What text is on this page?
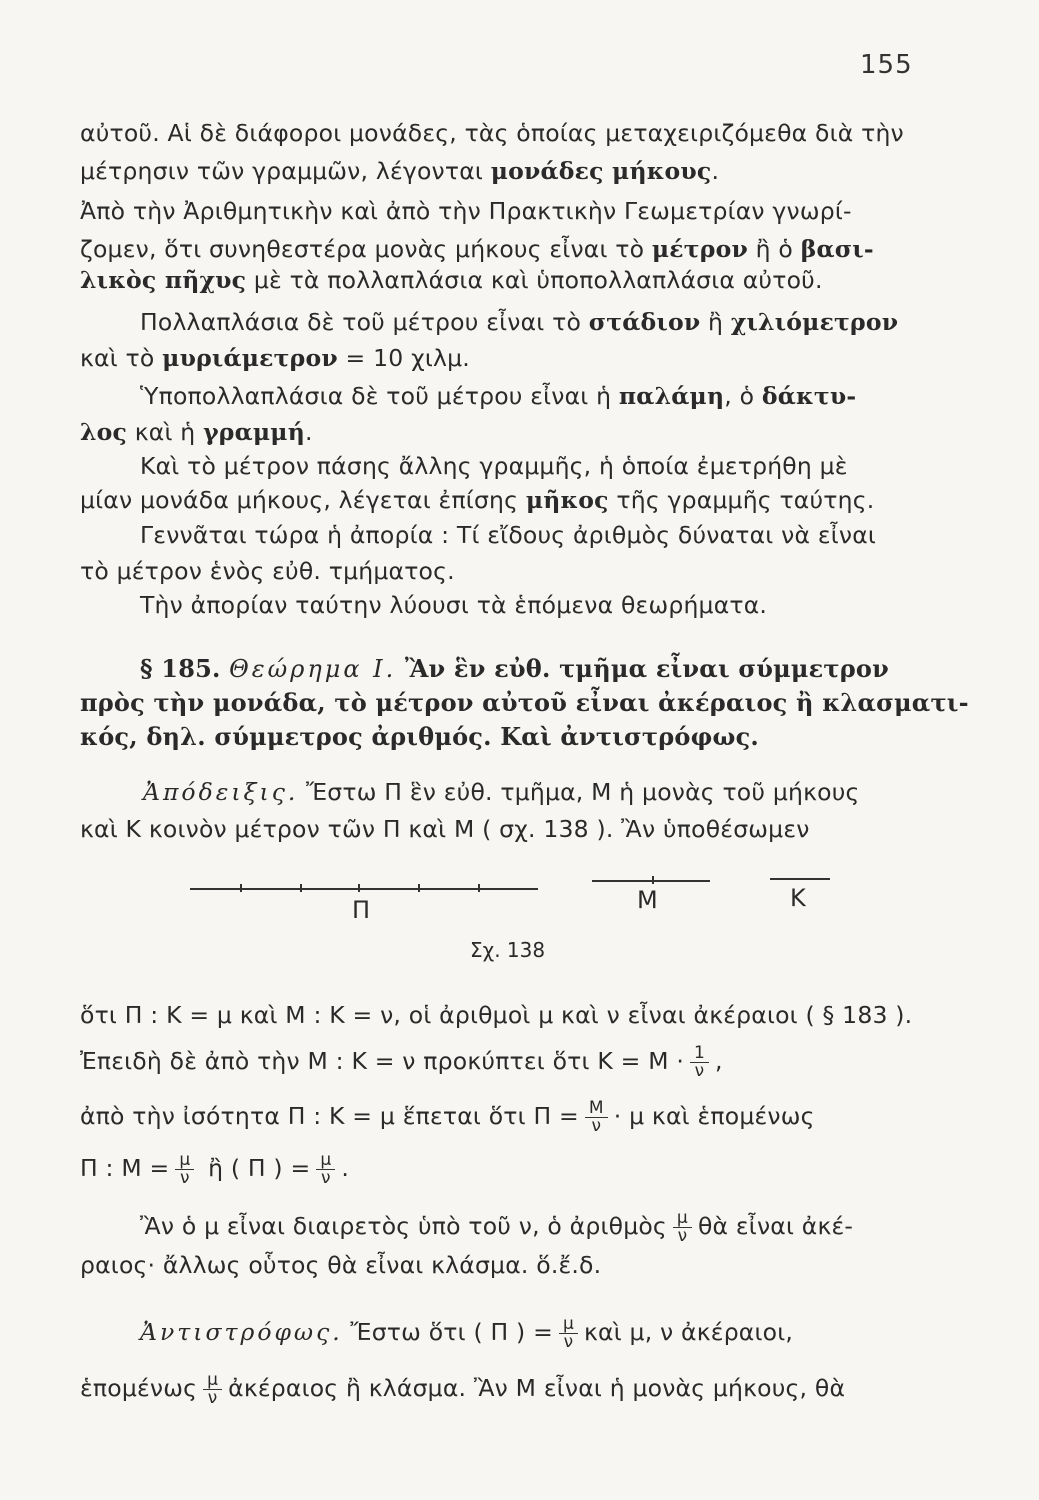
155
αὐτοῦ. Αἱ δὲ διάφοροι μονάδες, τὰς ὁποίας μεταχειριζόμεθα διὰ τὴν
μέτρησιν τῶν γραμμῶν, λέγονται μονάδες μήκους.
Ἀπὸ τὴν Ἀριθμητικὴν καὶ ἀπὸ τὴν Πρακτικὴν Γεωμετρίαν γνωρί-
ζομεν, ὅτι συνηθεστέρα μονὰς μήκους εἶναι τὸ μέτρον ἢ ὁ βασι-
λικὸς πῆχυς μὲ τὰ πολλαπλάσια καὶ ὑποπολλαπλάσια αὐτοῦ.
Πολλαπλάσια δὲ τοῦ μέτρου εἶναι τὸ στάδιον ἢ χιλιόμετρον
καὶ τὸ μυριάμετρον = 10 χιλμ.
Ὑποπολλαπλάσια δὲ τοῦ μέτρου εἶναι ἡ παλάμη, ὁ δάκτυ-
λος καὶ ἡ γραμμή.
Καὶ τὸ μέτρον πάσης ἄλλης γραμμῆς, ἡ ὁποία ἐμετρήθη μὲ
μίαν μονάδα μήκους, λέγεται ἐπίσης μῆκος τῆς γραμμῆς ταύτης.
Γεννᾶται τώρα ἡ ἀπορία : Τί εἴδους ἀριθμὸς δύναται νὰ εἶναι
τὸ μέτρον ἑνὸς εὐθ. τμήματος.
Τὴν ἀπορίαν ταύτην λύουσι τὰ ἑπόμενα θεωρήματα.
§ 185. Θεώρημα Ι. Ἂν ἓν εὐθ. τμῆμα εἶναι σύμμετρον
πρὸς τὴν μονάδα, τὸ μέτρον αὐτοῦ εἶναι ἀκέραιος ἢ κλασματι-
κός, δηλ. σύμμετρος ἀριθμός. Καὶ ἀντιστρόφως.
Ἀπόδειξις. Ἔστω Π ἓν εὐθ. τμῆμα, Μ ἡ μονὰς τοῦ μήκους
καὶ Κ κοινὸν μέτρον τῶν Π καὶ Μ ( σχ. 138 ). Ἂν ὑποθέσωμεν
Π	Μ	Κ
Σχ. 138
ὅτι Π : Κ = μ καὶ Μ : Κ = ν, οἱ ἀριθμοὶ μ καὶ ν εἶναι ἀκέραιοι ( § 183 ).
Ἐπειδὴ δὲ ἀπὸ τὴν Μ : Κ = ν προκύπτει ὅτι $K = M \cdot \frac{1}{\nu}$ ,
ἀπὸ τὴν ἰσότητα Π : Κ = μ ἕπεται ὅτι $\Pi = \frac{M}{\nu} \cdot \mu$ καὶ ἑπομένως
Π : $M = \frac{\mu}{\nu}$ ἢ ( Π ) = $\frac{\mu}{\nu}$ .
Ἂν ὁ μ εἶναι διαιρετὸς ὑπὸ τοῦ ν, ὁ ἀριθμὸς $\frac{\mu}{\nu}$ θὰ εἶναι ἀκέ-
ραιος· ἄλλως οὗτος θὰ εἶναι κλάσμα. ὅ.ἔ.δ.
Ἀντιστρόφως. Ἔστω ὅτι ( Π ) = $\frac{\mu}{\nu}$ καὶ μ, ν ἀκέραιοι,
ἑπομένως $\frac{\mu}{\nu}$ ἀκέραιος ἢ κλάσμα. Ἂν Μ εἶναι ἡ μονὰς μήκους, θὰ
